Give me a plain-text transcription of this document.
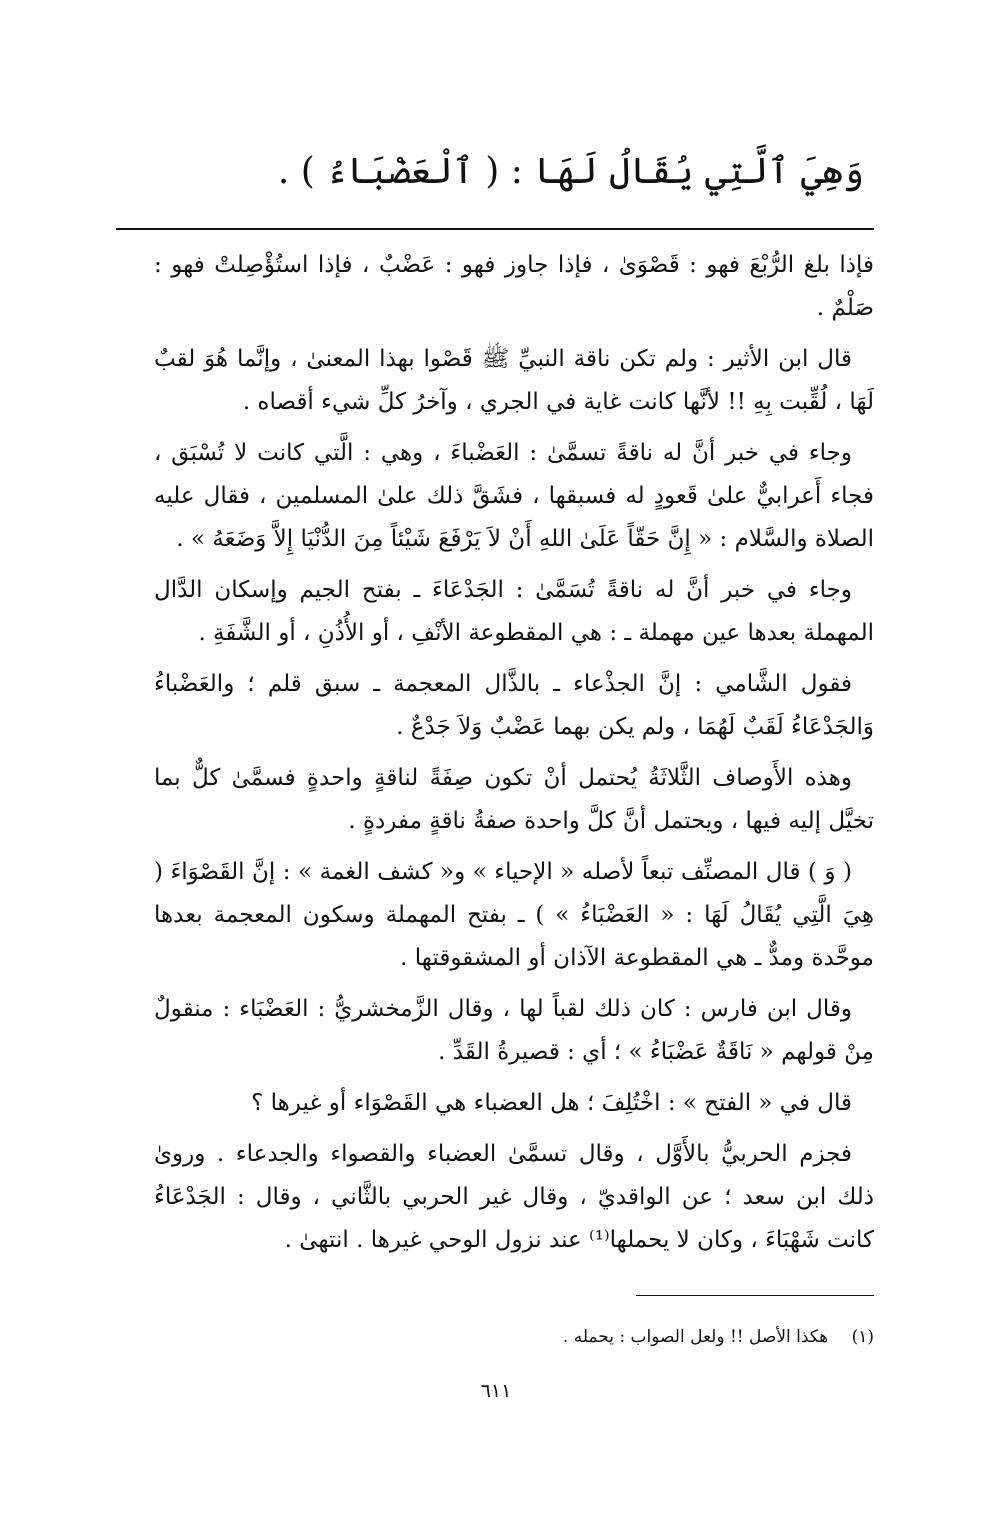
وَهِيَ ٱلَّتِي يُقَالُ لَهَا : ( ٱلْعَضْبَاءُ ) .

فإذا بلغ الرُّبْعَ فهو : قَصْوَىٰ ، فإذا جاوز فهو : عَضْبٌ ، فإذا استُؤْصِلتْ فهو : صَلْمٌ .

قال ابن الأثير : ولم تكن ناقة النبيِّ ﷺ قَصْوا بهذا المعنىٰ ، وإنَّما هُوَ لقبٌ لَهَا ، لُقِّبت بِهِ !! لأنَّها كانت غاية في الجري ، وآخرُ كلِّ شيء أقصاه .

وجاء في خبر أنَّ له ناقةً تسمَّىٰ : العَضْباءَ ، وهي : الَّتي كانت لا تُسْبَق ، فجاء أَعرابيٌّ علىٰ قَعودٍ له فسبقها ، فشَقَّ ذلك علىٰ المسلمين ، فقال عليه الصلاة والسَّلام : « إِنَّ حَقّاً عَلَىٰ اللهِ أَنْ لاَ يَرْفَعَ شَيْئاً مِنَ الدُّنْيَا إِلاَّ وَضَعَهُ » .

وجاء في خبر أنَّ له ناقةً تُسَمَّىٰ : الجَدْعَاءَ ـ بفتح الجيم وإسكان الدَّال المهملة بعدها عين مهملة ـ : هي المقطوعة الأنْفِ ، أو الأُذُنِ ، أو الشَّفَةِ .

فقول الشَّامي : إنَّ الجذْعاء ـ بالذَّال المعجمة ـ سبق قلم ؛ والعَضْباءُ وَالجَدْعَاءُ لَقَبٌ لَهُمَا ، ولم يكن بهما عَضْبٌ وَلاَ جَدْعٌ .

وهذه الأَوصاف الثَّلاثَةُ يُحتمل أنْ تكون صِفَةً لناقةٍ واحدةٍ فسمَّىٰ كلٌّ بما تخيَّل إليه فيها ، ويحتمل أنَّ كلَّ واحدة صفةُ ناقةٍ مفردةٍ .

( وَ ) قال المصنِّف تبعاً لأصله « الإحياء » و« كشف الغمة » : إنَّ القَصْوَاءَ ( هِيَ الَّتِي يُقَالُ لَهَا : « العَضْبَاءُ » ) ـ بفتح المهملة وسكون المعجمة بعدها موحَّدة ومدٌّ ـ هي المقطوعة الآذان أو المشقوقتها .

وقال ابن فارس : كان ذلك لقباً لها ، وقال الزَّمخشريُّ : العَضْبَاء : منقولٌ مِنْ قولهم « نَاقَةٌ عَضْبَاءُ » ؛ أي : قصيرةُ القَدِّ .

قال في « الفتح » : اخْتُلِفَ ؛ هل العضباء هي القَصْوَاء أو غيرها ؟

فجزم الحربيُّ بالأَوَّل ، وقال تسمَّىٰ العضباء والقصواء والجدعاء . وروىٰ ذلك ابن سعد ؛ عن الواقديّ ، وقال غير الحربي بالثَّاني ، وقال : الجَدْعَاءُ كانت شَهْبَاءَ ، وكان لا يحملها⁽¹⁾ عند نزول الوحي غيرها . انتهىٰ .

(١) هكذا الأصل !! ولعل الصواب : يحمله .
٦١١
